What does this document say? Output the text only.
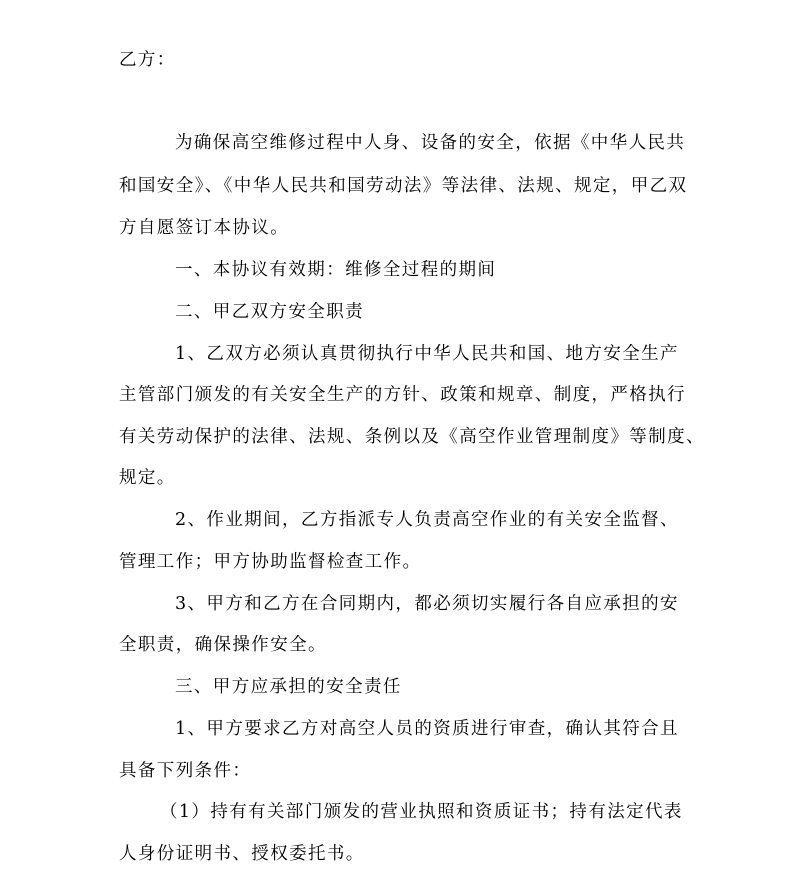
乙方：
为确保高空维修过程中人身、设备的安全，依据《中华人民共
和国安全》、《中华人民共和国劳动法》等法律、法规、规定，甲乙双
方自愿签订本协议。
一、本协议有效期：维修全过程的期间
二、甲乙双方安全职责
1、乙双方必须认真贯彻执行中华人民共和国、地方安全生产
主管部门颁发的有关安全生产的方针、政策和规章、制度，严格执行
有关劳动保护的法律、法规、条例以及《高空作业管理制度》等制度、
规定。
2、作业期间，乙方指派专人负责高空作业的有关安全监督、
管理工作；甲方协助监督检查工作。
3、甲方和乙方在合同期内，都必须切实履行各自应承担的安
全职责，确保操作安全。
三、甲方应承担的安全责任
1、甲方要求乙方对高空人员的资质进行审查，确认其符合且
具备下列条件：
（1）持有有关部门颁发的营业执照和资质证书；持有法定代表
人身份证明书、授权委托书。
